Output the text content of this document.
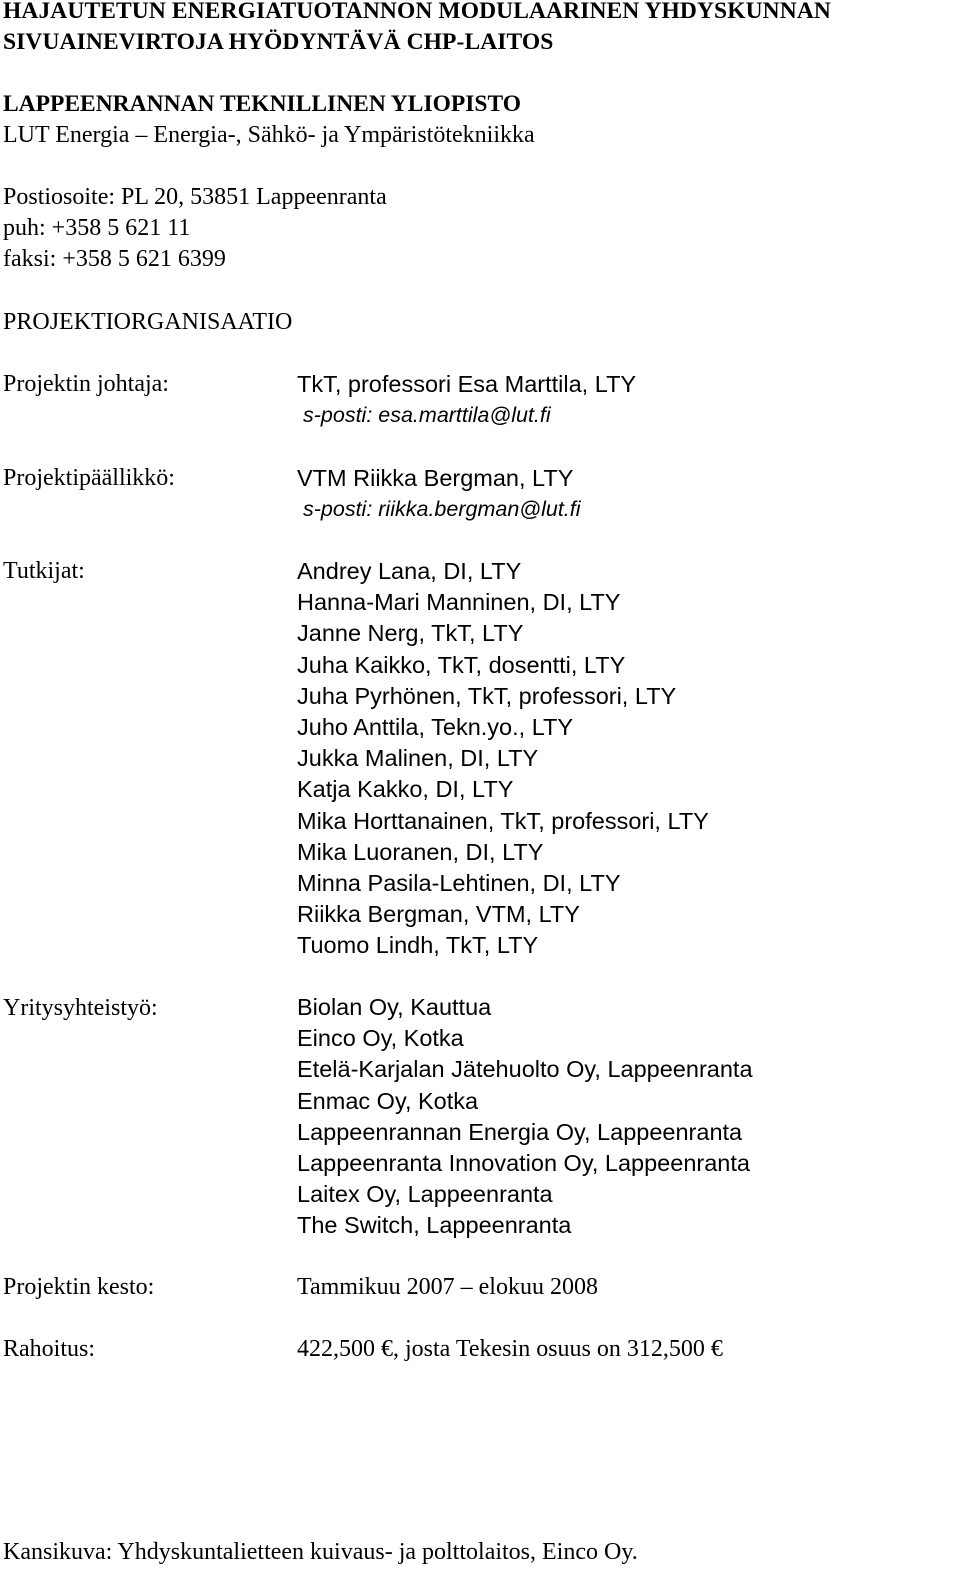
HAJAUTETUN ENERGIATUOTANNON MODULAARINEN YHDYSKUNNAN
SIVUAINEVIRTOJA HYÖDYNTÄVÄ CHP-LAITOS
LAPPEENRANNAN TEKNILLINEN YLIOPISTO
LUT Energia – Energia-, Sähkö- ja Ympäristötekniikka
Postiosoite: PL 20, 53851 Lappeenranta
puh: +358 5 621 11
faksi: +358 5 621 6399
PROJEKTIORGANISAATIO
Projektin johtaja:	TkT, professori Esa Marttila, LTY
s-posti: esa.marttila@lut.fi
Projektipäällikkö:	VTM Riikka Bergman, LTY
s-posti: riikka.bergman@lut.fi
Tutkijat:	Andrey Lana, DI, LTY
Hanna-Mari Manninen, DI, LTY
Janne Nerg, TkT, LTY
Juha Kaikko, TkT, dosentti, LTY
Juha Pyrhönen, TkT, professori, LTY
Juho Anttila, Tekn.yo., LTY
Jukka Malinen, DI, LTY
Katja Kakko, DI, LTY
Mika Horttanainen, TkT, professori, LTY
Mika Luoranen, DI, LTY
Minna Pasila-Lehtinen, DI, LTY
Riikka Bergman, VTM, LTY
Tuomo Lindh, TkT, LTY
Yritysyhteistyö:	Biolan Oy, Kauttua
Einco Oy, Kotka
Etelä-Karjalan Jätehuolto Oy, Lappeenranta
Enmac Oy, Kotka
Lappeenrannan Energia Oy, Lappeenranta
Lappeenranta Innovation Oy, Lappeenranta
Laitex Oy, Lappeenranta
The Switch, Lappeenranta
Projektin kesto:	Tammikuu 2007 – elokuu 2008
Rahoitus:	422,500 €, josta Tekesin osuus on 312,500 €
Kansikuva: Yhdyskuntalietteen kuivaus- ja polttolaitos, Einco Oy.
